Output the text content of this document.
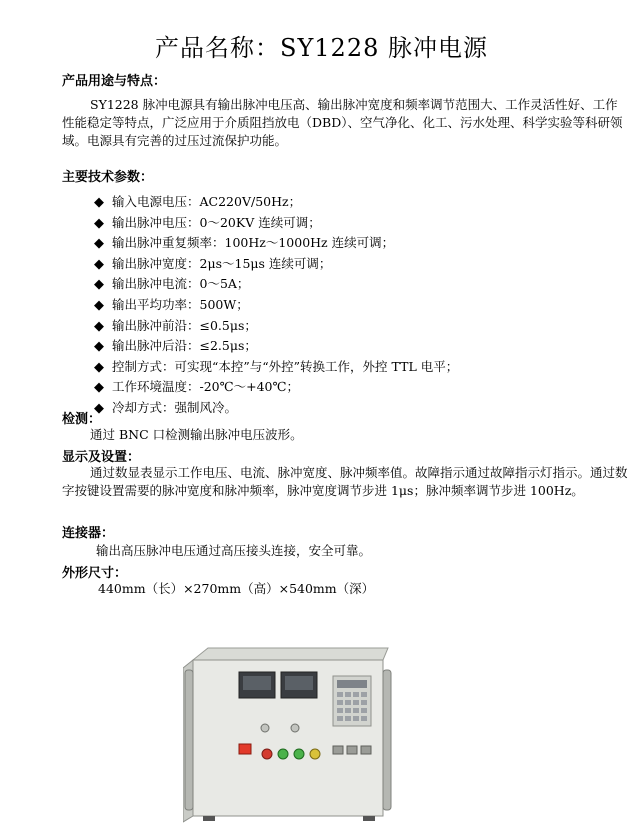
产品名称：SY1228 脉冲电源
产品用途与特点：
SY1228 脉冲电源具有输出脉冲电压高、输出脉冲宽度和频率调节范围大、工作灵活性好、工作性能稳定等特点，广泛应用于介质阻挡放电（DBD）、空气净化、化工、污水处理、科学实验等科研领域。电源具有完善的过压过流保护功能。
主要技术参数：
◆ 输入电源电压：AC220V/50Hz；
◆ 输出脉冲电压：0～20KV 连续可调；
◆ 输出脉冲重复频率：100Hz～1000Hz 连续可调；
◆ 输出脉冲宽度：2μs～15μs 连续可调；
◆ 输出脉冲电流：0～5A；
◆ 输出平均功率：500W；
◆ 输出脉冲前沿：≤0.5μs；
◆ 输出脉冲后沿：≤2.5μs；
◆ 控制方式：可实现“本控”与“外控”转换工作，外控 TTL 电平；
◆ 工作环境温度：-20℃～+40℃；
◆ 冷却方式：强制风冷。
检测：
通过 BNC 口检测输出脉冲电压波形。
显示及设置：
通过数显表显示工作电压、电流、脉冲宽度、脉冲频率值。故障指示通过故障指示灯指示。通过数字按键设置需要的脉冲宽度和脉冲频率，脉冲宽度调节步进 1μs；脉冲频率调节步进 100Hz。
连接器：
输出高压脉冲电压通过高压接头连接，安全可靠。
外形尺寸：
440mm（长）×270mm（高）×540mm（深）
